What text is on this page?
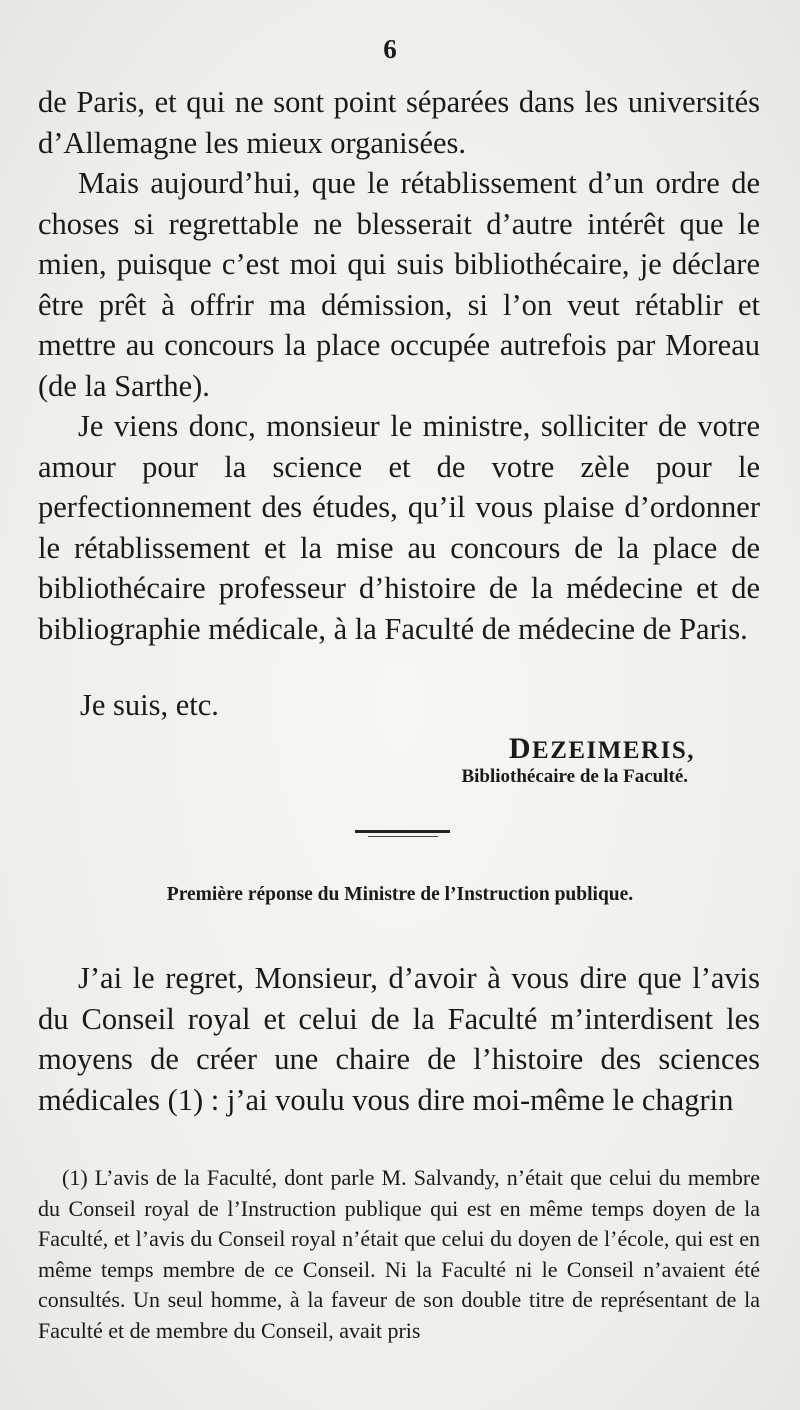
6

de Paris, et qui ne sont point séparées dans les universités d’Allemagne les mieux organisées.

Mais aujourd’hui, que le rétablissement d’un ordre de choses si regrettable ne blesserait d’autre intérêt que le mien, puisque c’est moi qui suis bibliothécaire, je déclare être prêt à offrir ma démission, si l’on veut rétablir et mettre au concours la place occupée autrefois par Moreau (de la Sarthe).

Je viens donc, monsieur le ministre, solliciter de votre amour pour la science et de votre zèle pour le perfectionnement des études, qu’il vous plaise d’ordonner le rétablissement et la mise au concours de la place de bibliothécaire professeur d’histoire de la médecine et de bibliographie médicale, à la Faculté de médecine de Paris.

Je suis, etc.
DEZEIMERIS,
Bibliothécaire de la Faculté.
Première réponse du Ministre de l’Instruction publique.

J’ai le regret, Monsieur, d’avoir à vous dire que l’avis du Conseil royal et celui de la Faculté m’interdisent les moyens de créer une chaire de l’histoire des sciences médicales (1) : j’ai voulu vous dire moi-même le chagrin

(1) L’avis de la Faculté, dont parle M. Salvandy, n’était que celui du membre du Conseil royal de l’Instruction publique qui est en même temps doyen de la Faculté, et l’avis du Conseil royal n’était que celui du doyen de l’école, qui est en même temps membre de ce Conseil. Ni la Faculté ni le Conseil n’avaient été consultés. Un seul homme, à la faveur de son double titre de représentant de la Faculté et de membre du Conseil, avait pris
